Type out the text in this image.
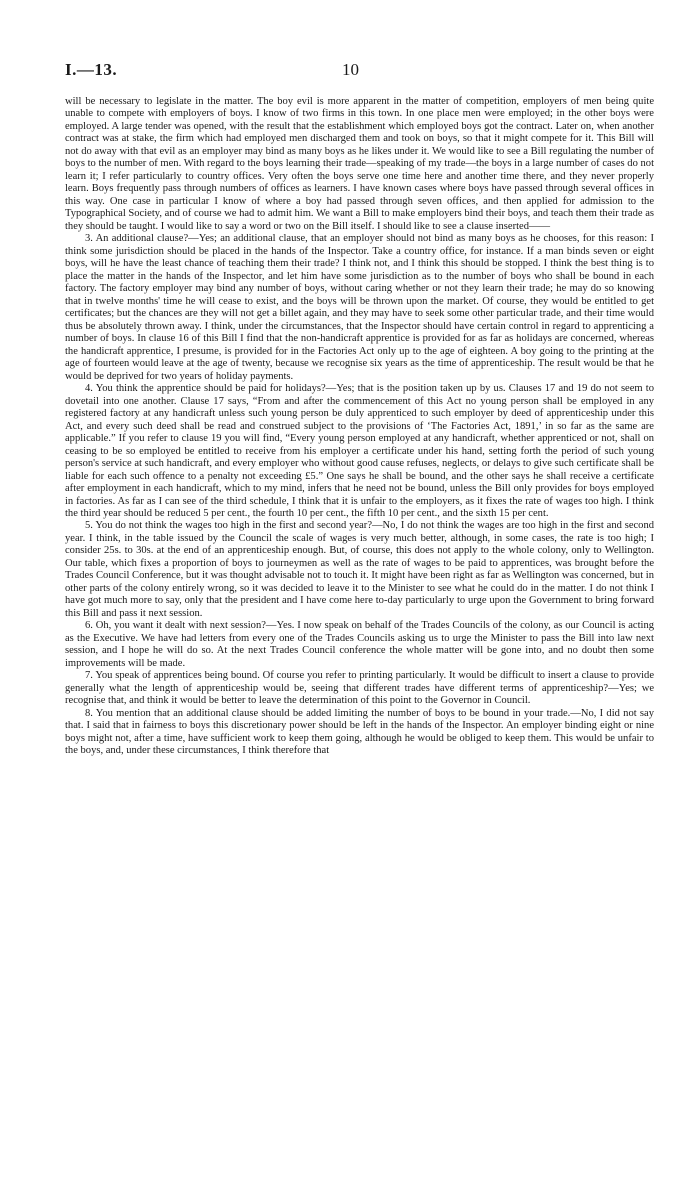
I.—13.	10

will be necessary to legislate in the matter. The boy evil is more apparent in the matter of competition, employers of men being quite unable to compete with employers of boys. I know of two firms in this town. In one place men were employed; in the other boys were employed. A large tender was opened, with the result that the establishment which employed boys got the contract. Later on, when another contract was at stake, the firm which had employed men discharged them and took on boys, so that it might compete for it. This Bill will not do away with that evil as an employer may bind as many boys as he likes under it. We would like to see a Bill regulating the number of boys to the number of men. With regard to the boys learning their trade—speaking of my trade—the boys in a large number of cases do not learn it; I refer particularly to country offices. Very often the boys serve one time here and another time there, and they never properly learn. Boys frequently pass through numbers of offices as learners. I have known cases where boys have passed through several offices in this way. One case in particular I know of where a boy had passed through seven offices, and then applied for admission to the Typographical Society, and of course we had to admit him. We want a Bill to make employers bind their boys, and teach them their trade as they should be taught. I would like to say a word or two on the Bill itself. I should like to see a clause inserted——

3. An additional clause?—Yes; an additional clause, that an employer should not bind as many boys as he chooses, for this reason: I think some jurisdiction should be placed in the hands of the Inspector. Take a country office, for instance. If a man binds seven or eight boys, will he have the least chance of teaching them their trade? I think not, and I think this should be stopped. I think the best thing is to place the matter in the hands of the Inspector, and let him have some jurisdiction as to the number of boys who shall be bound in each factory. The factory employer may bind any number of boys, without caring whether or not they learn their trade; he may do so knowing that in twelve months' time he will cease to exist, and the boys will be thrown upon the market. Of course, they would be entitled to get certificates; but the chances are they will not get a billet again, and they may have to seek some other particular trade, and their time would thus be absolutely thrown away. I think, under the circumstances, that the Inspector should have certain control in regard to apprenticing a number of boys. In clause 16 of this Bill I find that the non-handicraft apprentice is provided for as far as holidays are concerned, whereas the handicraft apprentice, I presume, is provided for in the Factories Act only up to the age of eighteen. A boy going to the printing at the age of fourteen would leave at the age of twenty, because we recognise six years as the time of apprenticeship. The result would be that he would be deprived for two years of holiday payments.

4. You think the apprentice should be paid for holidays?—Yes; that is the position taken up by us. Clauses 17 and 19 do not seem to dovetail into one another. Clause 17 says, “From and after the commencement of this Act no young person shall be employed in any registered factory at any handicraft unless such young person be duly apprenticed to such employer by deed of apprenticeship under this Act, and every such deed shall be read and construed subject to the provisions of ‘The Factories Act, 1891,’ in so far as the same are applicable.” If you refer to clause 19 you will find, “Every young person employed at any handicraft, whether apprenticed or not, shall on ceasing to be so employed be entitled to receive from his employer a certificate under his hand, setting forth the period of such young person's service at such handicraft, and every employer who without good cause refuses, neglects, or delays to give such certificate shall be liable for each such offence to a penalty not exceeding £5.” One says he shall be bound, and the other says he shall receive a certificate after employment in each handicraft, which to my mind, infers that he need not be bound, unless the Bill only provides for boys employed in factories. As far as I can see of the third schedule, I think that it is unfair to the employers, as it fixes the rate of wages too high. I think the third year should be reduced 5 per cent., the fourth 10 per cent., the fifth 10 per cent., and the sixth 15 per cent.

5. You do not think the wages too high in the first and second year?—No, I do not think the wages are too high in the first and second year. I think, in the table issued by the Council the scale of wages is very much better, although, in some cases, the rate is too high; I consider 25s. to 30s. at the end of an apprenticeship enough. But, of course, this does not apply to the whole colony, only to Wellington. Our table, which fixes a proportion of boys to journeymen as well as the rate of wages to be paid to apprentices, was brought before the Trades Council Conference, but it was thought advisable not to touch it. It might have been right as far as Wellington was concerned, but in other parts of the colony entirely wrong, so it was decided to leave it to the Minister to see what he could do in the matter. I do not think I have got much more to say, only that the president and I have come here to-day particularly to urge upon the Government to bring forward this Bill and pass it next session.

6. Oh, you want it dealt with next session?—Yes. I now speak on behalf of the Trades Councils of the colony, as our Council is acting as the Executive. We have had letters from every one of the Trades Councils asking us to urge the Minister to pass the Bill into law next session, and I hope he will do so. At the next Trades Council conference the whole matter will be gone into, and no doubt then some improvements will be made.

7. You speak of apprentices being bound. Of course you refer to printing particularly. It would be difficult to insert a clause to provide generally what the length of apprenticeship would be, seeing that different trades have different terms of apprenticeship?—Yes; we recognise that, and think it would be better to leave the determination of this point to the Governor in Council.

8. You mention that an additional clause should be added limiting the number of boys to be bound in your trade.—No, I did not say that. I said that in fairness to boys this discretionary power should be left in the hands of the Inspector. An employer binding eight or nine boys might not, after a time, have sufficient work to keep them going, although he would be obliged to keep them. This would be unfair to the boys, and, under these circumstances, I think therefore that
